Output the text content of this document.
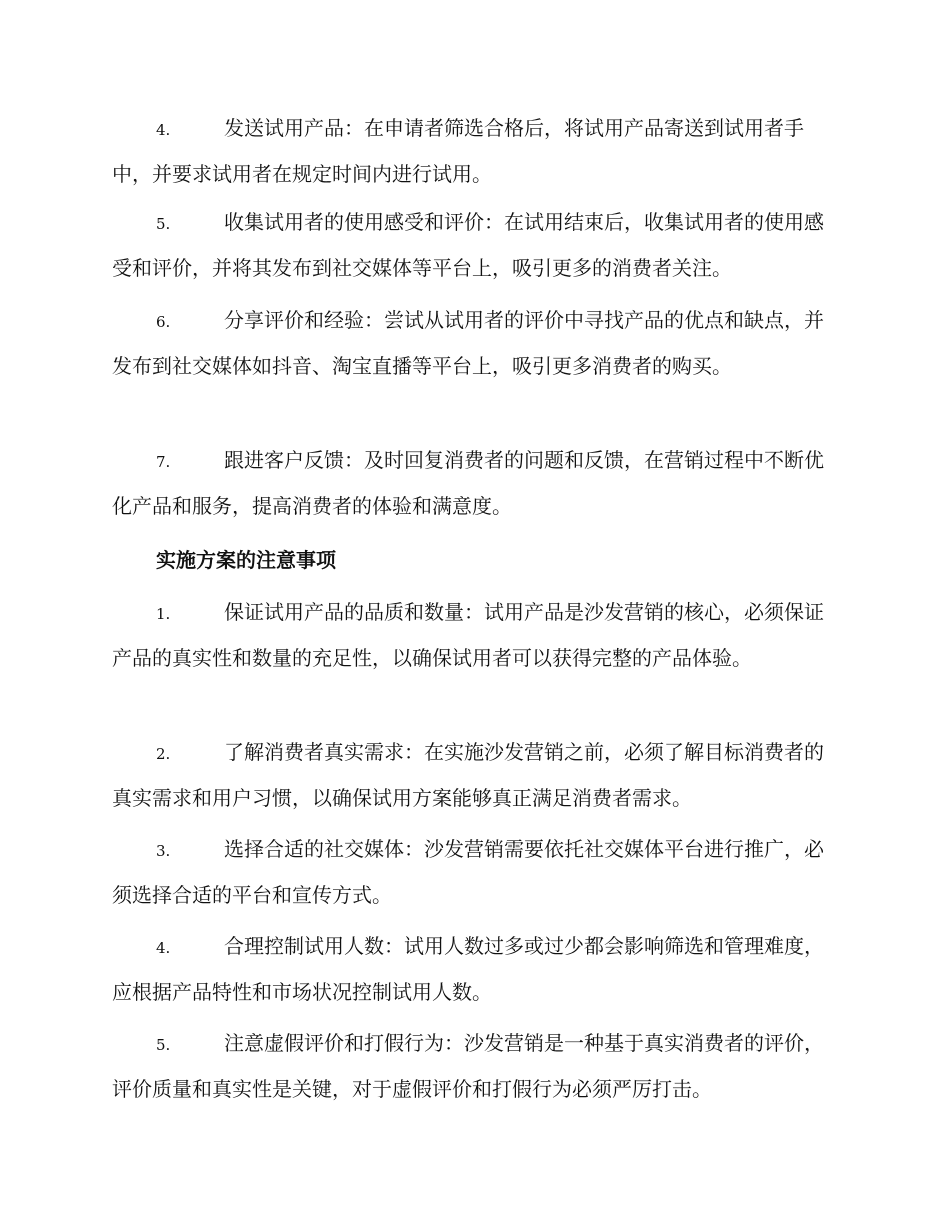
4.	发送试用产品：在申请者筛选合格后，将试用产品寄送到试用者手中，并要求试用者在规定时间内进行试用。

5.	收集试用者的使用感受和评价：在试用结束后，收集试用者的使用感受和评价，并将其发布到社交媒体等平台上，吸引更多的消费者关注。

6.	分享评价和经验：尝试从试用者的评价中寻找产品的优点和缺点，并发布到社交媒体如抖音、淘宝直播等平台上，吸引更多消费者的购买。

7.	跟进客户反馈：及时回复消费者的问题和反馈，在营销过程中不断优化产品和服务，提高消费者的体验和满意度。

实施方案的注意事项

1.	保证试用产品的品质和数量：试用产品是沙发营销的核心，必须保证产品的真实性和数量的充足性，以确保试用者可以获得完整的产品体验。

2.	了解消费者真实需求：在实施沙发营销之前，必须了解目标消费者的真实需求和用户习惯，以确保试用方案能够真正满足消费者需求。

3.	选择合适的社交媒体：沙发营销需要依托社交媒体平台进行推广，必须选择合适的平台和宣传方式。

4.	合理控制试用人数：试用人数过多或过少都会影响筛选和管理难度，应根据产品特性和市场状况控制试用人数。

5.	注意虚假评价和打假行为：沙发营销是一种基于真实消费者的评价，评价质量和真实性是关键，对于虚假评价和打假行为必须严厉打击。
